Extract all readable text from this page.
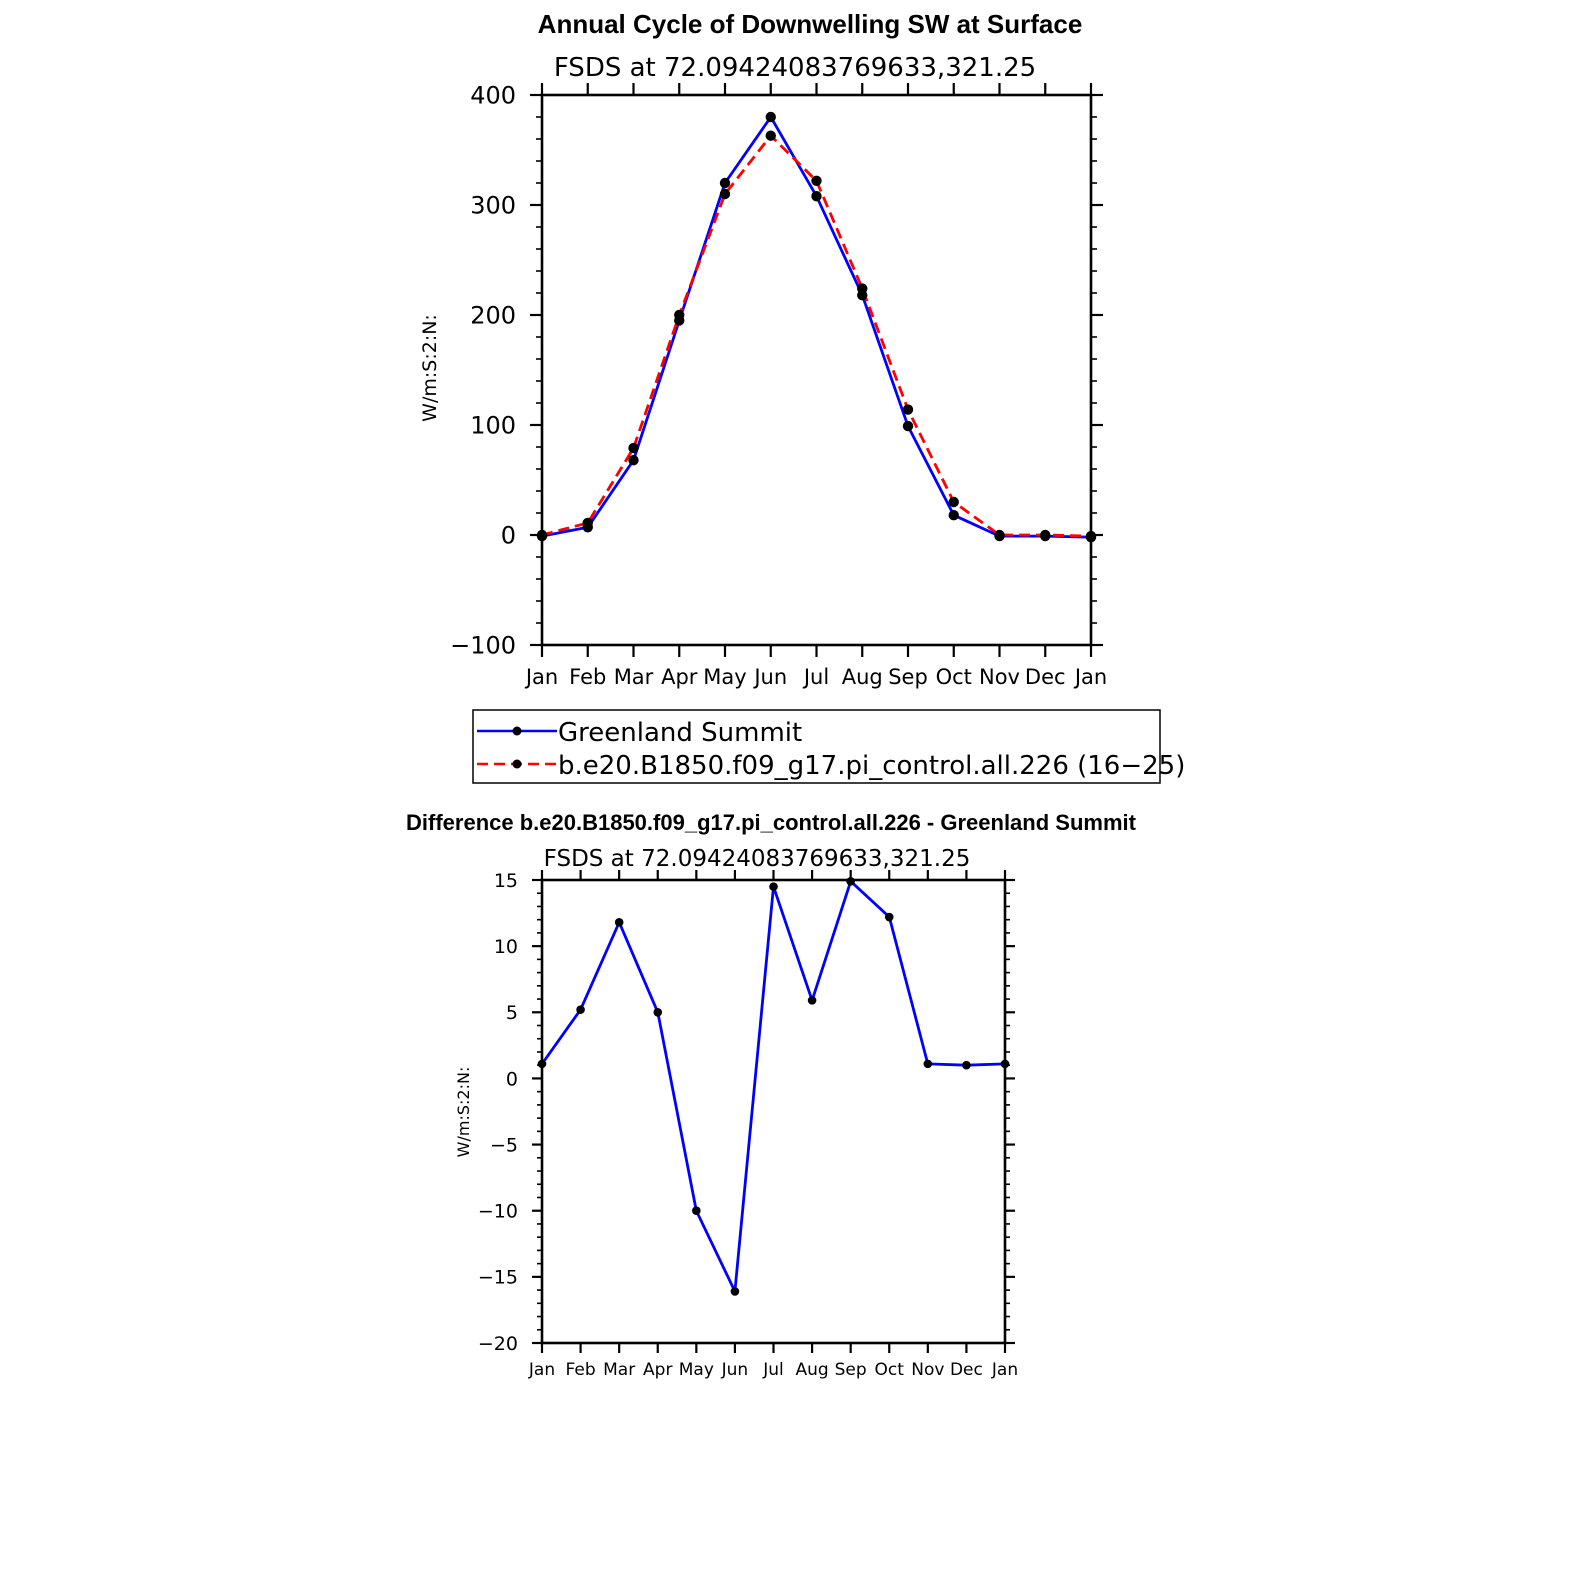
Annual Cycle of Downwelling SW at Surface
FSDS at 72.09424083769633,321.25
W/m:S:2:N:
Jan Feb Mar Apr May Jun Jul Aug Sep Oct Nov Dec Jan
−100
0
100
200
300
400
Greenland Summit
b.e20.B1850.f09_g17.pi_control.all.226 (16−25)
Difference b.e20.B1850.f09_g17.pi_control.all.226 - Greenland Summit
FSDS at 72.09424083769633,321.25
W/m:S:2:N:
Jan Feb Mar Apr May Jun Jul Aug Sep Oct Nov Dec Jan
−20
−15
−10
−5
0
5
10
15
